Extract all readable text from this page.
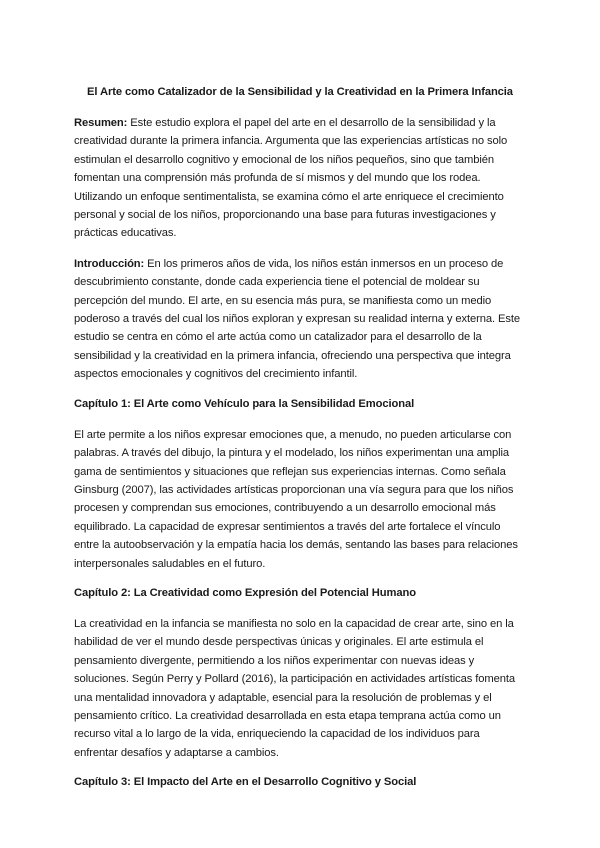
El Arte como Catalizador de la Sensibilidad y la Creatividad en la Primera Infancia

Resumen: Este estudio explora el papel del arte en el desarrollo de la sensibilidad y la creatividad durante la primera infancia. Argumenta que las experiencias artísticas no solo estimulan el desarrollo cognitivo y emocional de los niños pequeños, sino que también fomentan una comprensión más profunda de sí mismos y del mundo que los rodea. Utilizando un enfoque sentimentalista, se examina cómo el arte enriquece el crecimiento personal y social de los niños, proporcionando una base para futuras investigaciones y prácticas educativas.

Introducción: En los primeros años de vida, los niños están inmersos en un proceso de descubrimiento constante, donde cada experiencia tiene el potencial de moldear su percepción del mundo. El arte, en su esencia más pura, se manifiesta como un medio poderoso a través del cual los niños exploran y expresan su realidad interna y externa. Este estudio se centra en cómo el arte actúa como un catalizador para el desarrollo de la sensibilidad y la creatividad en la primera infancia, ofreciendo una perspectiva que integra aspectos emocionales y cognitivos del crecimiento infantil.

Capítulo 1: El Arte como Vehículo para la Sensibilidad Emocional

El arte permite a los niños expresar emociones que, a menudo, no pueden articularse con palabras. A través del dibujo, la pintura y el modelado, los niños experimentan una amplia gama de sentimientos y situaciones que reflejan sus experiencias internas. Como señala Ginsburg (2007), las actividades artísticas proporcionan una vía segura para que los niños procesen y comprendan sus emociones, contribuyendo a un desarrollo emocional más equilibrado. La capacidad de expresar sentimientos a través del arte fortalece el vínculo entre la autoobservación y la empatía hacia los demás, sentando las bases para relaciones interpersonales saludables en el futuro.

Capítulo 2: La Creatividad como Expresión del Potencial Humano

La creatividad en la infancia se manifiesta no solo en la capacidad de crear arte, sino en la habilidad de ver el mundo desde perspectivas únicas y originales. El arte estimula el pensamiento divergente, permitiendo a los niños experimentar con nuevas ideas y soluciones. Según Perry y Pollard (2016), la participación en actividades artísticas fomenta una mentalidad innovadora y adaptable, esencial para la resolución de problemas y el pensamiento crítico. La creatividad desarrollada en esta etapa temprana actúa como un recurso vital a lo largo de la vida, enriqueciendo la capacidad de los individuos para enfrentar desafíos y adaptarse a cambios.

Capítulo 3: El Impacto del Arte en el Desarrollo Cognitivo y Social
